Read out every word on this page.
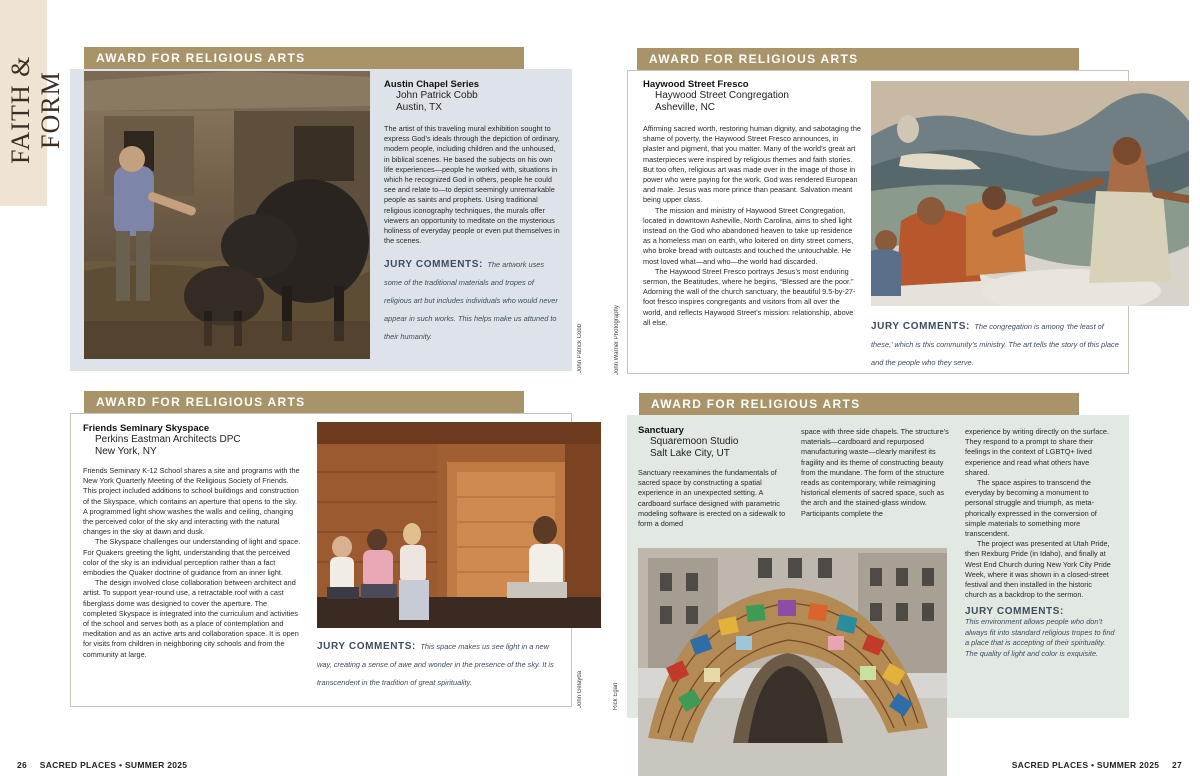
FAITH & FORM
AWARD FOR RELIGIOUS ARTS
John Patrick Cobb
Austin Chapel Series
John Patrick Cobb
Austin, TX
The artist of this traveling mural exhibition sought to express God’s ideals through the depiction of ordinary, modern people, including children and the unhoused, in biblical scenes. He based the subjects on his own life experiences—people he worked with, situations in which he recognized God in others, people he could see and relate to—to depict seemingly unremarkable people as saints and prophets. Using traditional religious iconography techniques, the murals offer viewers an opportunity to meditate on the mysterious holiness of everyday people or even put themselves in the scenes.
JURY COMMENTS: The artwork uses some of the traditional materials and tropes of religious art but includes individuals who would never appear in such works. This helps make us attuned to their humanity.
AWARD FOR RELIGIOUS ARTS
Haywood Street Fresco
Haywood Street Congregation
Asheville, NC

Affirming sacred worth, restoring human dignity, and sabotaging the shame of poverty, the Haywood Street Fresco announces, in plaster and pigment, that you matter. Many of the world’s great art masterpieces were inspired by religious themes and faith stories. But too often, religious art was made over in the image of those in power who were paying for the work. God was rendered European and male. Jesus was more prince than peasant. Salvation meant being upper class.

The mission and ministry of Haywood Street Congregation, located in downtown Asheville, North Carolina, aims to shed light instead on the God who abandoned heaven to take up residence as a homeless man on earth, who loitered on dirty street corners, who broke bread with outcasts and touched the untouchable. He most loved what—and who—the world had discarded.

The Haywood Street Fresco portrays Jesus’s most enduring sermon, the Beatitudes, where he begins, “Blessed are the poor.” Adorning the wall of the church sanctuary, the beautiful 9.5-by-27-foot fresco inspires congregants and visitors from all over the world, and reflects Haywood Street’s mission: relationship, above all else.

John Warner Photography	JURY COMMENTS: The congregation is among ‘the least of these,’ which is this community’s ministry. The art tells the story of this place and the people who they serve.
AWARD FOR RELIGIOUS ARTS
Friends Seminary Skyspace
Perkins Eastman Architects DPC
New York, NY

Friends Seminary K-12 School shares a site and programs with the New York Quarterly Meeting of the Religious Society of Friends. This project included additions to school buildings and construction of the Skyspace, which contains an aperture that opens to the sky. A programmed light show washes the walls and ceiling, changing the perceived color of the sky and interacting with the natural changes in the sky at dawn and dusk.

The Skyspace challenges our understanding of light and space. For Quakers greeting the light, understanding that the perceived color of the sky is an individual perception rather than a fact embodies the Quaker doctrine of guidance from an inner light.

The design involved close collaboration between architect and artist. To support year-round use, a retractable roof with a cast fiberglass dome was designed to cover the aperture. The completed Skyspace is integrated into the curriculum and activities of the school and serves both as a place of contemplation and meditation and as an active arts and collaboration space. It is open for visits from children in neighboring city schools and from the community at large.

John Gelayda
JURY COMMENTS: This space makes us see light in a new way, creating a sense of awe and wonder in the presence of the sky. It is transcendent in the tradition of great spirituality.
AWARD FOR RELIGIOUS ARTS
Sanctuary
Squaremoon Studio
Salt Lake City, UT
Sanctuary reexamines the fundamentals of sacred space by constructing a spatial experience in an unexpected setting. A cardboard surface designed with parametric modeling software is erected on a sidewalk to form a domed
space with three side chapels. The structure’s materials—cardboard and repurposed manufacturing waste—clearly manifest its fragility and its theme of constructing beauty from the mundane. The form of the structure reads as contemporary, while reimagining historical elements of sacred space, such as the arch and the stained-glass window. Participants complete the

experience by writing directly on the surface. They respond to a prompt to share their feelings in the context of LGBTQ+ lived experience and read what others have shared.

The space aspires to transcend the everyday by becoming a monument to personal struggle and triumph, as metaphorically expressed in the conversion of simple materials to something more transcendent.

The project was presented at Utah Pride, then Rexburg Pride (in Idaho), and finally at West End Church during New York City Pride Week, where it was shown in a closed-street festival and then installed in the historic church as a backdrop to the sermon.

JURY COMMENTS:
This environment allows people who don’t always fit into standard religious tropes to find a place that is accepting of their spirituality. The quality of light and color is exquisite.
Rick Egan
26 SACRED PLACES • SUMMER 2025	SACRED PLACES • SUMMER 2025 27
